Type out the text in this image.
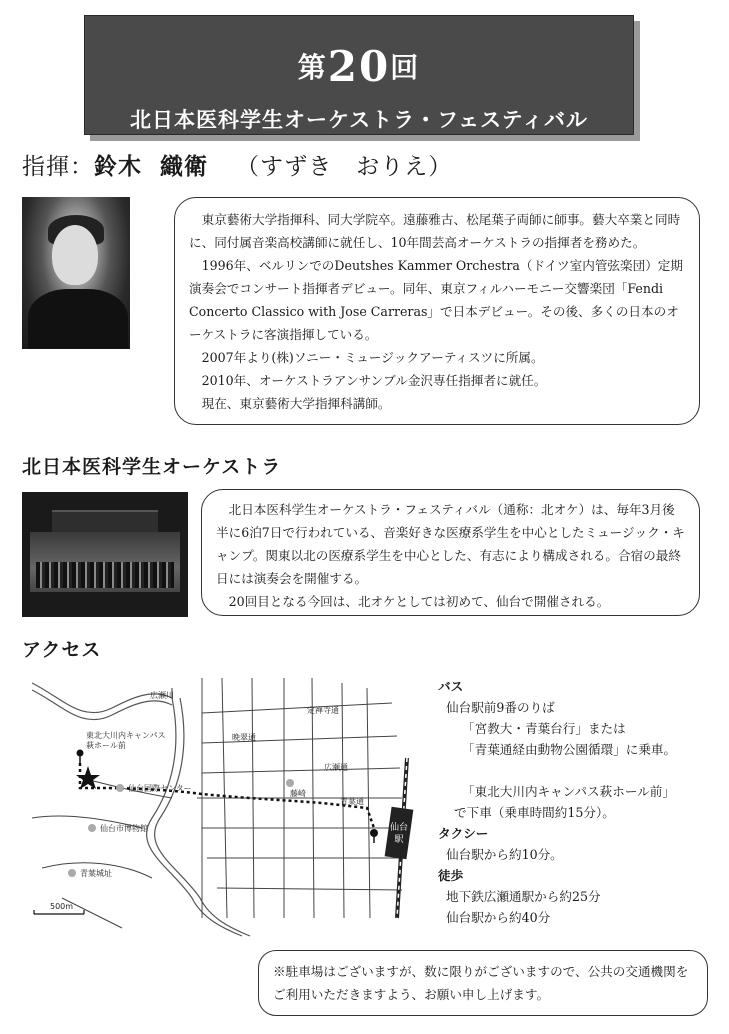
第20回
北日本医科学生オーケストラ・フェスティバル
指揮：鈴木 織衛 （すずき　おりえ）

東京藝術大学指揮科、同大学院卒。遠藤雅古、松尾葉子両師に師事。藝大卒業と同時に、同付属音楽高校講師に就任し、10年間芸高オーケストラの指揮者を務めた。

1996年、ベルリンでのDeutshes Kammer Orchestra（ドイツ室内管弦楽団）定期演奏会でコンサート指揮者デビュー。同年、東京フィルハーモニー交響楽団「Fendi Concerto Classico with Jose Carreras」で日本デビュー。その後、多くの日本のオーケストラに客演指揮している。

2007年より(株)ソニー・ミュージックアーティスツに所属。

2010年、オーケストラアンサンブル金沢専任指揮者に就任。

現在、東京藝術大学指揮科講師。

北日本医科学生オーケストラ

北日本医科学生オーケストラ・フェスティバル（通称：北オケ）は、毎年3月後半に6泊7日で行われている、音楽好きな医療系学生を中心としたミュージック・キャンプ。関東以北の医療系学生を中心とした、有志により構成される。合宿の最終日には演奏会を開催する。

20回目となる今回は、北オケとしては初めて、仙台で開催される。

アクセス
仙台
駅
広瀬川
定禅寺通
晩翠通
広瀬通
藤崎
青葉通
東北大川内キャンパス
萩ホール前
仙台国際センター
仙台市博物館
青葉城址
500m
バス
仙台駅前9番のりば
「宮教大・青葉台行」または
「青葉通経由動物公園循環」に乗車。
「東北大川内キャンパス萩ホール前」
で下車（乗車時間約15分）。
タクシー
仙台駅から約10分。
徒歩
地下鉄広瀬通駅から約25分
仙台駅から約40分
※駐車場はございますが、数に限りがございますので、公共の交通機関をご利用いただきますよう、お願い申し上げます。
